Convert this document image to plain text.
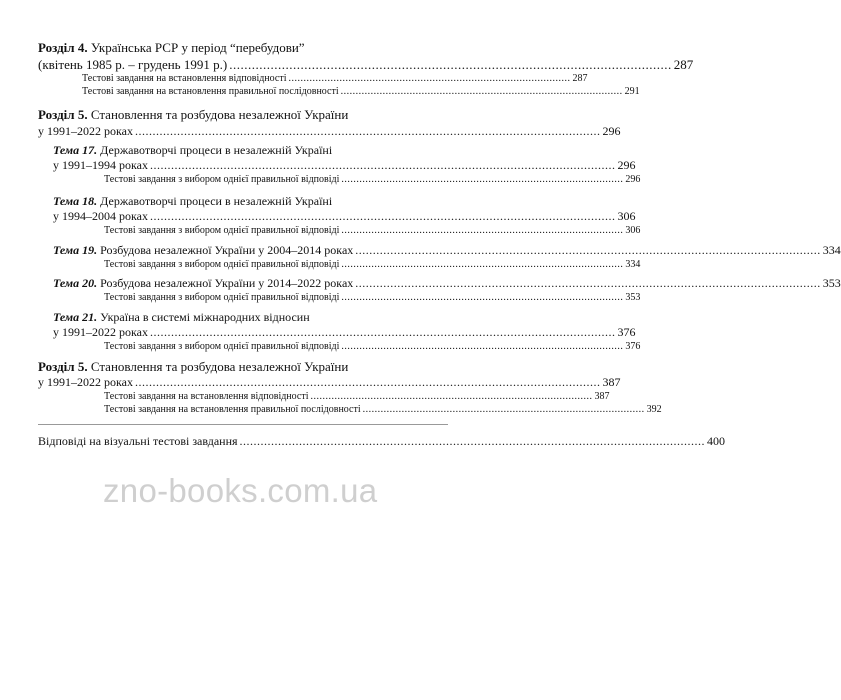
Розділ 4. Українська РСР у період “перебудови”
(квітень 1985 р. – грудень 1991 р.) ...................................................................................................................... 287
Тестові завдання на встановлення відповідності .............................................................................................. 287
Тестові завдання на встановлення правильної послідовності .............................................................................................. 291
Розділ 5. Становлення та розбудова незалежної України
у 1991–2022 роках ..................................................................................................................................... 296
Тема 17. Державотворчі процеси в незалежній Україні
у 1991–1994 роках ..................................................................................................................................... 296
Тестові завдання з вибором однієї правильної відповіді .............................................................................................. 296
Тема 18. Державотворчі процеси в незалежній Україні
у 1994–2004 роках ..................................................................................................................................... 306
Тестові завдання з вибором однієї правильної відповіді .............................................................................................. 306
Тема 19. Розбудова незалежної України у 2004–2014 роках ..................................................................................................................................... 334
Тестові завдання з вибором однієї правильної відповіді .............................................................................................. 334
Тема 20. Розбудова незалежної України у 2014–2022 роках ..................................................................................................................................... 353
Тестові завдання з вибором однієї правильної відповіді .............................................................................................. 353
Тема 21. Україна в системі міжнародних відносин
у 1991–2022 роках ..................................................................................................................................... 376
Тестові завдання з вибором однієї правильної відповіді .............................................................................................. 376
Розділ 5. Становлення та розбудова незалежної України
у 1991–2022 роках ..................................................................................................................................... 387
Тестові завдання на встановлення відповідності .............................................................................................. 387
Тестові завдання на встановлення правильної послідовності .............................................................................................. 392
Відповіді на візуальні тестові завдання ..................................................................................................................................... 400
zno-books.com.ua
